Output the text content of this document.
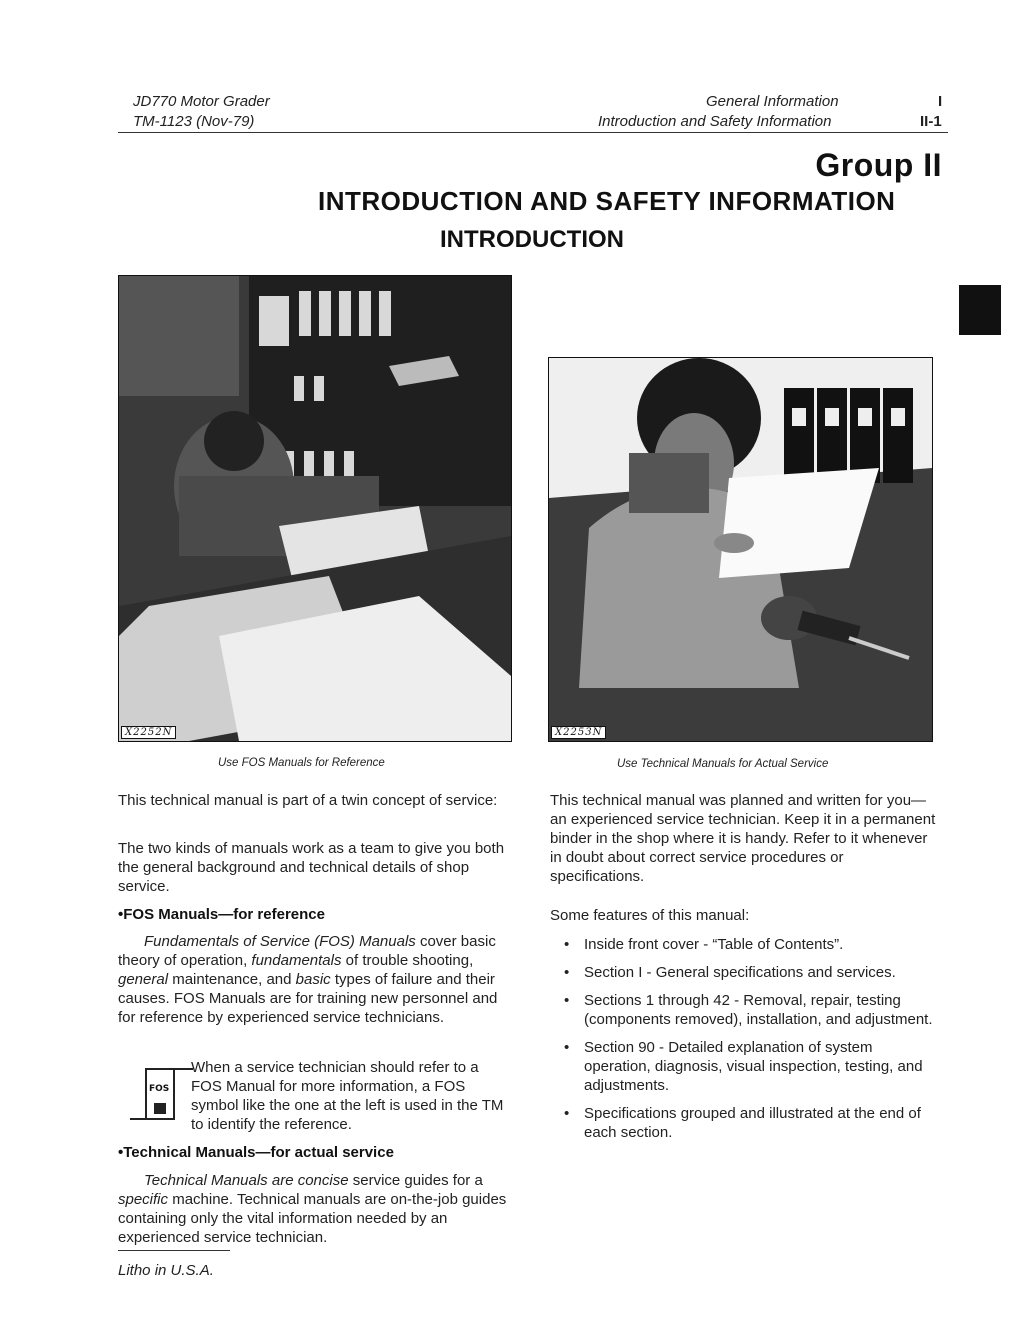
JD770 Motor Grader
TM-1123 (Nov-79)
General Information
Introduction and Safety Information
I
II-1
Group II
INTRODUCTION AND SAFETY INFORMATION
INTRODUCTION
X2252N	X2253N
Use FOS Manuals for Reference	Use Technical Manuals for Actual Service
This technical manual is part of a twin concept of service:
The two kinds of manuals work as a team to give you both the general background and technical details of shop service.
•FOS Manuals—for reference
Fundamentals of Service (FOS) Manuals cover basic theory of operation, fundamentals of trouble shooting, general maintenance, and basic types of failure and their causes. FOS Manuals are for training new personnel and for reference by experienced service technicians.
FOS
When a service technician should refer to a FOS Manual for more information, a FOS symbol like the one at the left is used in the TM to identify the reference.
•Technical Manuals—for actual service
Technical Manuals are concise service guides for a specific machine. Technical manuals are on-the-job guides containing only the vital information needed by an experienced service technician.
This technical manual was planned and written for you—an experienced service technician. Keep it in a permanent binder in the shop where it is handy. Refer to it whenever in doubt about correct service procedures or specifications.
Some features of this manual:
• Inside front cover - “Table of Contents”.
• Section I - General specifications and services.
• Sections 1 through 42 - Removal, repair, testing (components removed), installation, and adjustment.
• Section 90 - Detailed explanation of system operation, diagnosis, visual inspection, testing, and adjustments.
• Specifications grouped and illustrated at the end of each section.
Litho in U.S.A.
